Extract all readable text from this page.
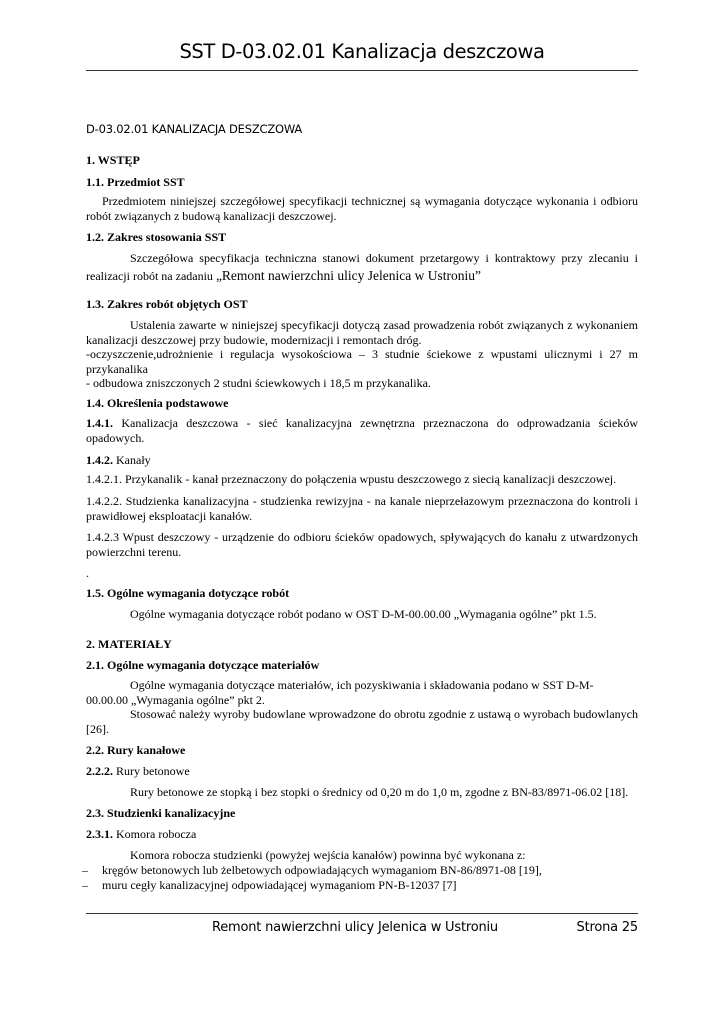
SST D-03.02.01 Kanalizacja deszczowa
D-03.02.01 KANALIZACJA DESZCZOWA
1. WSTĘP
1.1. Przedmiot SST
Przedmiotem niniejszej szczegółowej specyfikacji technicznej są wymagania dotyczące wykonania i odbioru robót związanych z budową kanalizacji deszczowej.
1.2. Zakres stosowania SST
Szczegółowa specyfikacja techniczna stanowi dokument przetargowy i kontraktowy przy zlecaniu i realizacji robót na zadaniu „Remont nawierzchni ulicy Jelenica w Ustroniu”
1.3. Zakres robót objętych OST
Ustalenia zawarte w niniejszej specyfikacji dotyczą zasad prowadzenia robót związanych z wykonaniem kanalizacji deszczowej przy budowie, modernizacji i remontach dróg.
-oczyszczenie,udrożnienie i regulacja wysokościowa – 3 studnie ściekowe z wpustami ulicznymi i 27 m przykanalika
- odbudowa zniszczonych 2 studni ściewkowych i 18,5 m przykanalika.
1.4. Określenia podstawowe
1.4.1. Kanalizacja deszczowa - sieć kanalizacyjna zewnętrzna przeznaczona do odprowadzania ścieków opadowych.
1.4.2. Kanały
1.4.2.1. Przykanalik - kanał przeznaczony do połączenia wpustu deszczowego z siecią kanalizacji deszczowej.
1.4.2.2. Studzienka kanalizacyjna - studzienka rewizyjna - na kanale nieprzełazowym przeznaczona do kontroli i prawidłowej eksploatacji kanałów.
1.4.2.3 Wpust deszczowy - urządzenie do odbioru ścieków opadowych, spływających do kanału z utwardzonych powierzchni terenu.
.
1.5. Ogólne wymagania dotyczące robót
Ogólne wymagania dotyczące robót podano w OST D-M-00.00.00 „Wymagania ogólne” pkt 1.5.
2. MATERIAŁY
2.1. Ogólne wymagania dotyczące materiałów
Ogólne wymagania dotyczące materiałów, ich pozyskiwania i składowania podano w SST D-M-00.00.00 „Wymagania ogólne” pkt 2.
Stosować należy wyroby budowlane wprowadzone do obrotu zgodnie z ustawą o wyrobach budowlanych [26].
2.2. Rury kanałowe
2.2.2. Rury betonowe
Rury betonowe ze stopką i bez stopki o średnicy od 0,20 m do 1,0 m, zgodne z BN-83/8971-06.02 [18].
2.3. Studzienki kanalizacyjne
2.3.1. Komora robocza
Komora robocza studzienki (powyżej wejścia kanałów) powinna być wykonana z:
– kręgów betonowych lub żelbetowych odpowiadających wymaganiom BN-86/8971-08 [19],
– muru cegły kanalizacyjnej odpowiadającej wymaganiom PN-B-12037 [7]
Remont nawierzchni ulicy Jelenica w Ustroniu	Strona 25
